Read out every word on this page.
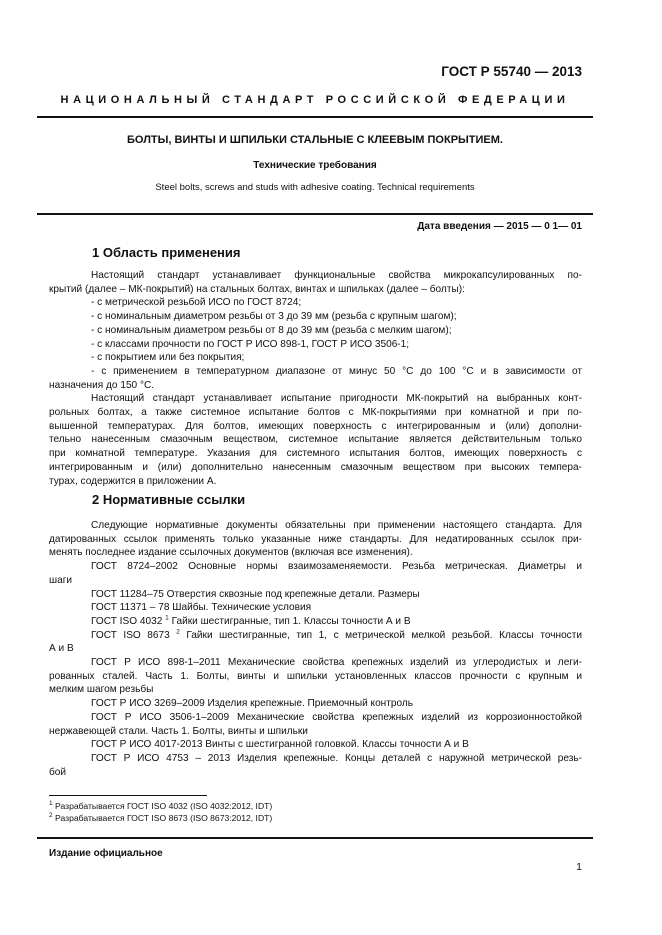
ГОСТ Р 55740 — 2013
НАЦИОНАЛЬНЫЙ СТАНДАРТ РОССИЙСКОЙ ФЕДЕРАЦИИ
БОЛТЫ, ВИНТЫ И ШПИЛЬКИ СТАЛЬНЫЕ С КЛЕЕВЫМ ПОКРЫТИЕМ.
Технические требования
Steel bolts, screws and studs with adhesive coating. Technical requirements
Дата введения — 2015 — 0 1— 01
1 Область применения

Настоящий стандарт устанавливает функциональные свойства микрокапсулированных по-

крытий (далее – МК-покрытий) на стальных болтах, винтах и шпильках (далее – болты):

- с метрической резьбой ИСО по ГОСТ 8724;

- с номинальным диаметром резьбы от 3 до 39 мм (резьба с крупным шагом);

- с номинальным диаметром резьбы от 8 до 39 мм (резьба с мелким шагом);

- с классами прочности по ГОСТ Р ИСО 898-1, ГОСТ Р ИСО 3506-1;

- с покрытием или без покрытия;

- с применением в температурном диапазоне от минус 50 °С до 100 °С и в зависимости от

назначения до 150 °С.

Настоящий стандарт устанавливает испытание пригодности МК-покрытий на выбранных конт-

рольных болтах, а также системное испытание болтов с МК-покрытиями при комнатной и при по-

вышенной температурах. Для болтов, имеющих поверхность с интегрированным и (или) дополни-

тельно нанесенным смазочным веществом, системное испытание является действительным только

при комнатной температуре. Указания для системного испытания болтов, имеющих поверхность с

интегрированным и (или) дополнительно нанесенным смазочным веществом при высоких темпера-

турах, содержится в приложении А.

2 Нормативные ссылки

Следующие нормативные документы обязательны при применении настоящего стандарта. Для

датированных ссылок применять только указанные ниже стандарты. Для недатированных ссылок при-

менять последнее издание ссылочных документов (включая все изменения).

ГОСТ 8724–2002 Основные нормы взаимозаменяемости. Резьба метрическая. Диаметры и

шаги

ГОСТ 11284–75 Отверстия сквозные под крепежные детали. Размеры

ГОСТ 11371 – 78 Шайбы. Технические условия

ГОСТ ISO 4032 $^1$ Гайки шестигранные, тип 1. Классы точности А и В

ГОСТ ISO 8673 $^2$ Гайки шестигранные, тип 1, с метрической мелкой резьбой. Классы точности

А и В

ГОСТ Р ИСО 898-1–2011 Механические свойства крепежных изделий из углеродистых и леги-

рованных сталей. Часть 1. Болты, винты и шпильки установленных классов прочности с крупным и

мелким шагом резьбы

ГОСТ Р ИСО 3269–2009 Изделия крепежные. Приемочный контроль

ГОСТ Р ИСО 3506-1–2009 Механические свойства крепежных изделий из коррозионностойкой

нержавеющей стали. Часть 1. Болты, винты и шпильки

ГОСТ Р ИСО 4017-2013 Винты с шестигранной головкой. Классы точности А и В

ГОСТ Р ИСО 4753 – 2013 Изделия крепежные. Концы деталей с наружной метрической резь-

бой

$^1$ Разрабатывается ГОСТ ISO 4032 (ISO 4032:2012, IDT)
$^2$ Разрабатывается ГОСТ ISO 8673 (ISO 8673:2012, IDT)
Издание официальное
1
